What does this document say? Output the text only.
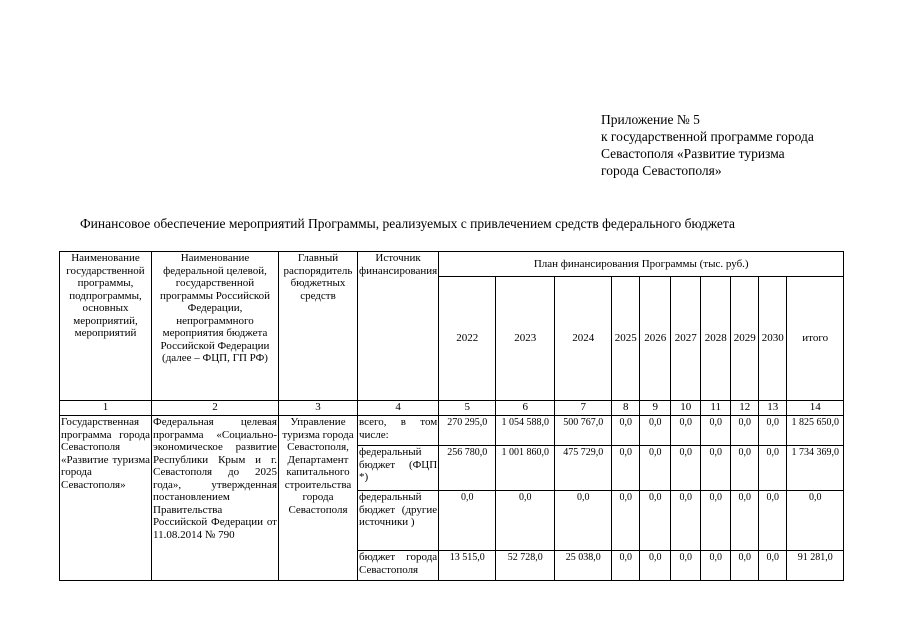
Приложение № 5
к государственной программе города
Севастополя «Развитие туризма
города Севастополя»
Финансовое обеспечение мероприятий Программы, реализуемых с привлечением средств федерального бюджета
Наименование государственной программы, подпрограммы, основных мероприятий, мероприятий	Наименование федеральной целевой, государственной программы Российской Федерации, непрограммного мероприятия бюджета Российской Федерации (далее – ФЦП, ГП РФ)	Главный распорядитель бюджетных средств	Источник финансирования	План финансирования Программы (тыс. руб.)									
				2022	2023	2024	2025	2026	2027	2028	2029	2030	итого
1	2	3	4	5	6	7	8	9	10	11	12	13	14
Государственная программа города Севастополя «Развитие туризма города Севастополя»	Федеральная целевая программа «Социально-экономическое развитие Республики Крым и г. Севастополя до 2025 года», утвержденная постановлением Правительства Российской Федерации от 11.08.2014 № 790	Управление туризма города Севастополя, Департамент капитального строительства города Севастополя	всего, в том числе:	270 295,0	1 054 588,0	500 767,0	0,0	0,0	0,0	0,0	0,0	0,0	1 825 650,0
			федеральный бюджет (ФЦП *)	256 780,0	1 001 860,0	475 729,0	0,0	0,0	0,0	0,0	0,0	0,0	1 734 369,0
			федеральный бюджет (другие источники )	0,0	0,0	0,0	0,0	0,0	0,0	0,0	0,0	0,0	0,0

			бюджет города Севастополя	13 515,0	52 728,0	25 038,0	0,0	0,0	0,0	0,0	0,0	0,0	91 281,0
